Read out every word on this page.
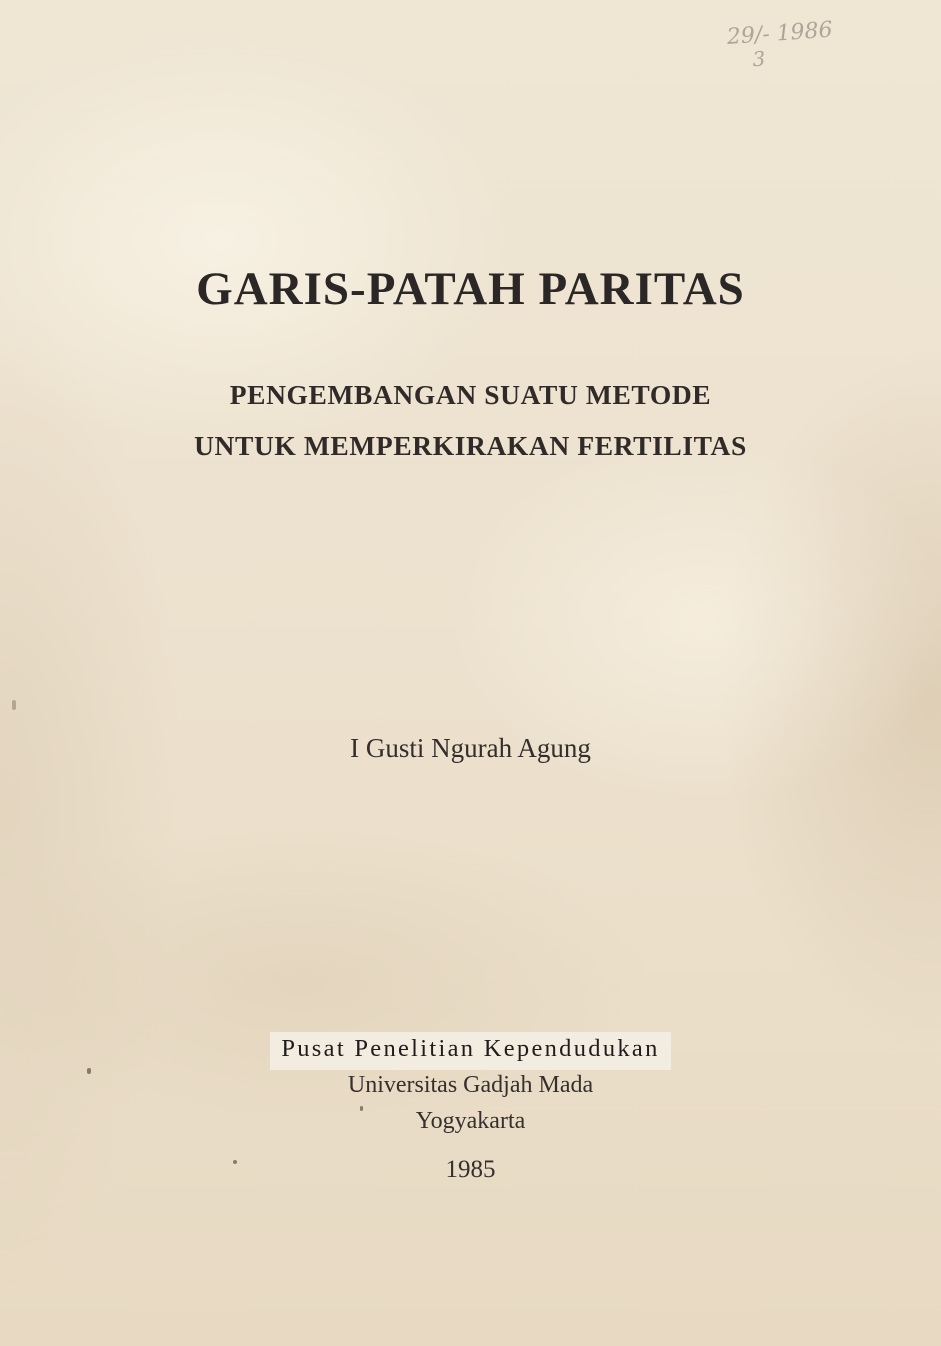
29/- 1986
3
GARIS-PATAH PARITAS
PENGEMBANGAN SUATU METODE
UNTUK MEMPERKIRAKAN FERTILITAS
I Gusti Ngurah Agung
Pusat Penelitian Kependudukan
Universitas Gadjah Mada
Yogyakarta
1985
